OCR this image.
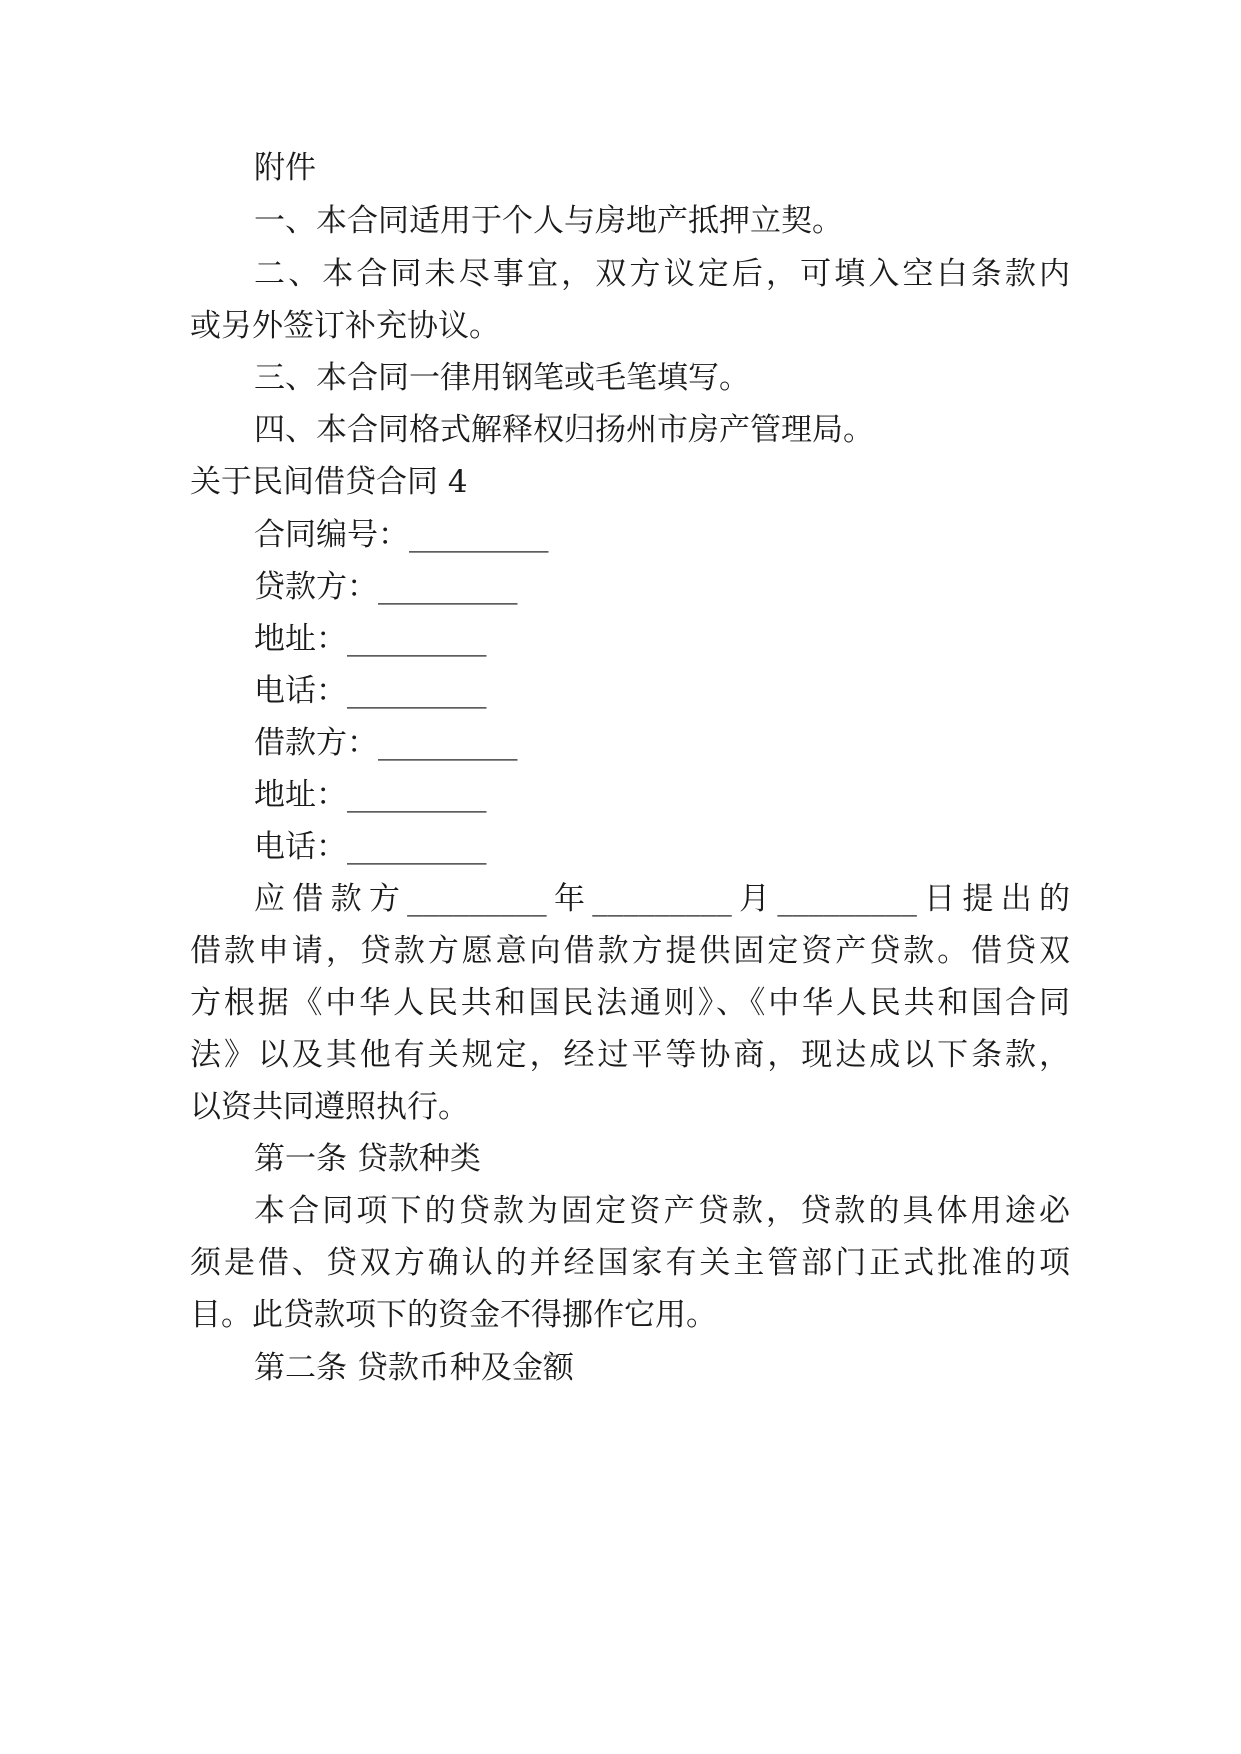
附件
一、本合同适用于个人与房地产抵押立契。
二、本合同未尽事宜，双方议定后，可填入空白条款内
或另外签订补充协议。
三、本合同一律用钢笔或毛笔填写。
四、本合同格式解释权归扬州市房产管理局。
关于民间借贷合同 4
合同编号：_________
贷款方：_________
地址：_________
电话：_________
借款方：_________
地址：_________
电话：_________
应借款方_________年_________月_________日提出的
借款申请，贷款方愿意向借款方提供固定资产贷款。借贷双
方根据《中华人民共和国民法通则》、《中华人民共和国合同
法》以及其他有关规定，经过平等协商，现达成以下条款，
以资共同遵照执行。
第一条 贷款种类
本合同项下的贷款为固定资产贷款，贷款的具体用途必
须是借、贷双方确认的并经国家有关主管部门正式批准的项
目。此贷款项下的资金不得挪作它用。
第二条 贷款币种及金额
